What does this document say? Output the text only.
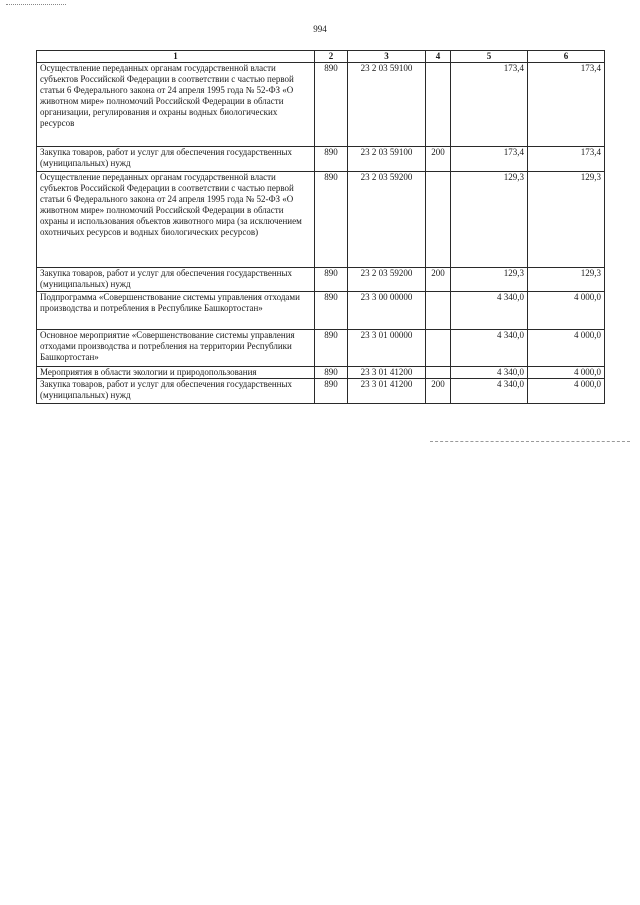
994
1	2	3	4	5	6
Осуществление переданных органам государственной власти субъектов Российской Федерации в соответствии с частью первой статьи 6 Федерального закона от 24 апреля 1995 года № 52-ФЗ «О животном мире» полномочий Российской Федерации в области организации, регулирования и охраны водных биологических ресурсов	890	23 2 03 59100		173,4	173,4
Закупка товаров, работ и услуг для обеспечения государственных (муниципальных) нужд	890	23 2 03 59100	200	173,4	173,4
Осуществление переданных органам государственной власти субъектов Российской Федерации в соответствии с частью первой статьи 6 Федерального закона от 24 апреля 1995 года № 52-ФЗ «О животном мире» полномочий Российской Федерации в области охраны и использования объектов животного мира (за исключением охотничьих ресурсов и водных биологических ресурсов)	890	23 2 03 59200		129,3	129,3
Закупка товаров, работ и услуг для обеспечения государственных (муниципальных) нужд	890	23 2 03 59200	200	129,3	129,3
Подпрограмма «Совершенствование системы управления отходами производства и потребления в Республике Башкортостан»	890	23 3 00 00000		4 340,0	4 000,0
Основное мероприятие «Совершенствование системы управления отходами производства и потребления на территории Республики Башкортостан»	890	23 3 01 00000		4 340,0	4 000,0
Мероприятия в области экологии и природопользования	890	23 3 01 41200		4 340,0	4 000,0
Закупка товаров, работ и услуг для обеспечения государственных (муниципальных) нужд	890	23 3 01 41200	200	4 340,0	4 000,0
